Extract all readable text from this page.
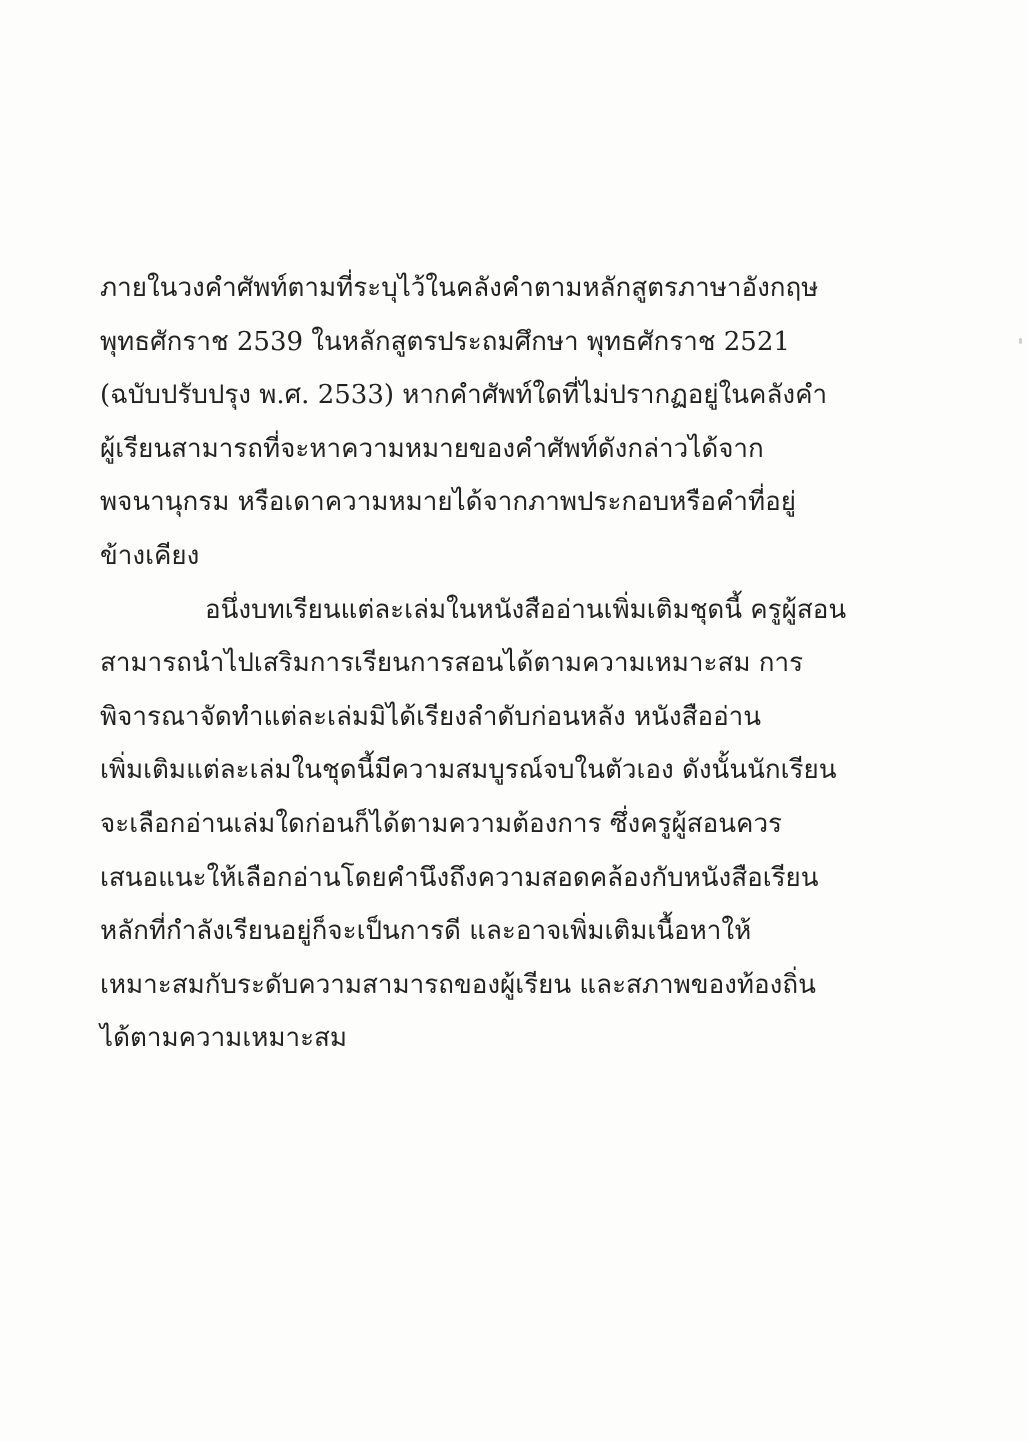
ภายในวงคำศัพท์ตามที่ระบุไว้ในคลังคำตามหลักสูตรภาษาอังกฤษ
พุทธศักราช 2539 ในหลักสูตรประถมศึกษา พุทธศักราช 2521
(ฉบับปรับปรุง พ.ศ. 2533) หากคำศัพท์ใดที่ไม่ปรากฏอยู่ในคลังคำ
ผู้เรียนสามารถที่จะหาความหมายของคำศัพท์ดังกล่าวได้จาก
พจนานุกรม หรือเดาความหมายได้จากภาพประกอบหรือคำที่อยู่
ข้างเคียง
อนึ่งบทเรียนแต่ละเล่มในหนังสืออ่านเพิ่มเติมชุดนี้ ครูผู้สอน
สามารถนำไปเสริมการเรียนการสอนได้ตามความเหมาะสม การ
พิจารณาจัดทำแต่ละเล่มมิได้เรียงลำดับก่อนหลัง หนังสืออ่าน
เพิ่มเติมแต่ละเล่มในชุดนี้มีความสมบูรณ์จบในตัวเอง ดังนั้นนักเรียน
จะเลือกอ่านเล่มใดก่อนก็ได้ตามความต้องการ ซึ่งครูผู้สอนควร
เสนอแนะให้เลือกอ่านโดยคำนึงถึงความสอดคล้องกับหนังสือเรียน
หลักที่กำลังเรียนอยู่ก็จะเป็นการดี และอาจเพิ่มเติมเนื้อหาให้
เหมาะสมกับระดับความสามารถของผู้เรียน และสภาพของท้องถิ่น
ได้ตามความเหมาะสม
